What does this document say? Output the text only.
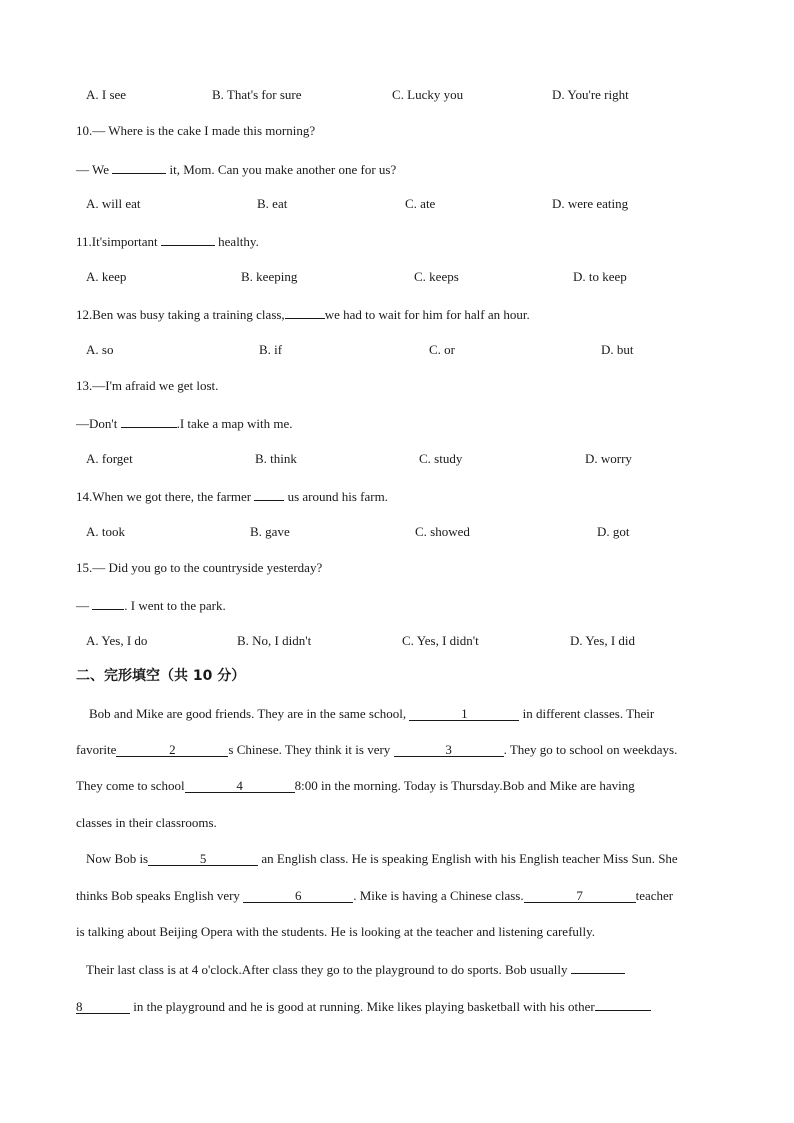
A. I see	B. That's for sure	C. Lucky you	D. You're right
10.— Where is the cake I made this morning?
— We	it, Mom. Can you make another one for us?
A. will eat	B. eat	C. ate	D. were eating
11.It'simportant	healthy.
A. keep	B. keeping	C. keeps	D. to keep
12.Ben was busy taking a training class,	we had to wait for him for half an hour.
A. so	B. if	C. or	D. but
13.—I'm afraid we get lost.
—Don't	.I take a map with me.
A. forget	B. think	C. study	D. worry
14.When we got there, the farmer	us around his farm.
A. took	B. gave	C. showed	D. got
15.— Did you go to the countryside yesterday?
—	. I went to the park.
A. Yes, I do	B. No, I didn't	C. Yes, I didn't	D. Yes, I did
二、完形填空（共 10 分）
Bob and Mike are good friends. They are in the same school,	1	in different classes. Their
favorite	2	s Chinese. They think it is very	3	. They go to school on weekdays.
They come to school	4	8:00 in the morning. Today is Thursday.Bob and Mike are having
classes in their classrooms.
Now Bob is	5	an English class. He is speaking English with his English teacher Miss Sun. She
thinks Bob speaks English very	6	. Mike is having a Chinese class.	7	teacher
is talking about Beijing Opera with the students. He is looking at the teacher and listening carefully.
Their last class is at 4 o'clock.After class they go to the playground to do sports. Bob usually
8	in the playground and he is good at running. Mike likes playing basketball with his other
